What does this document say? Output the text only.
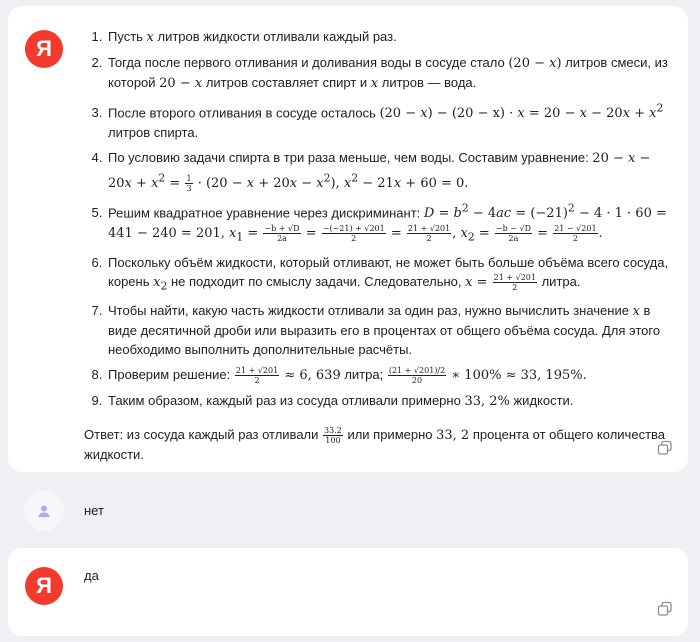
Я
1.	Пусть x литров жидкости отливали каждый раз.
2. Тогда после первого отливания и доливания воды в сосуде стало (20 − x) литров смеси, из которой 20 − x литров составляет спирт и x литров — вода.
3. После второго отливания в сосуде осталось $(20 - x) - (20 - x) \cdot x = 20 - x - 20x + x^2$ литров спирта.
4. По условию задачи спирта в три раза меньше, чем воды. Составим уравнение: $20 - x - 20x + x^2 = \frac{1}{3} \cdot (20 - x + 20x - x^2)$, $x^2 - 21x + 60 = 0$.
5. Решим квадратное уравнение через дискриминант: $D = b^2 - 4ac = (-21)^2 - 4 \cdot 1 \cdot 60 = 441 - 240 = 201$, $x_1 = \frac{-b + √D}{2a} = \frac{-(-21) + √201}{2} = \frac{21 + √201}{2}$ , $x_2 = \frac{-b - √D}{2a} = \frac{21 - √201}{2}$ .
6. Поскольку объём жидкости, который отливают, не может быть больше объёма всего сосуда, корень $x_2$ не подходит по смыслу задачи. Следовательно, $x = \frac{21 + √201}{2}$ литра.
7. Чтобы найти, какую часть жидкости отливали за один раз, нужно вычислить значение x в виде десятичной дроби или выразить его в процентах от общего объёма сосуда. Для этого необходимо выполнить дополнительные расчёты.
8. Проверим решение: $\frac{21 + √201}{2} \approx 6$, 639 литра; $\frac{(21 + √201)/2}{20}$ ∗ 100% ≈ 33, 195%.
9. Таким образом, каждый раз из сосуда отливали примерно 33, 2% жидкости.
Ответ: из сосуда каждый раз отливали $\frac{33.2}{100}$ или примерно 33, 2 процента от общего количества жидкости.
нет
Я	да
